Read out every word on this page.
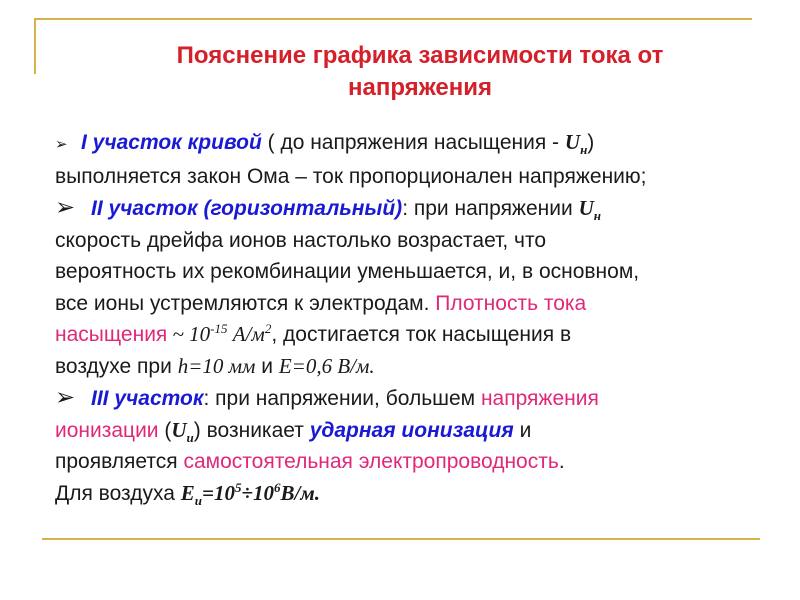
Пояснение графика зависимости тока от
напряжения
➢ I участок кривой ( до напряжения насыщения - $U_н$)
выполняется закон Ома – ток пропорционален напряжению;
➢ II участок (горизонтальный): при напряжении $U_н$
скорость дрейфа ионов настолько возрастает, что
вероятность их рекомбинации уменьшается, и, в основном,
все ионы устремляются к электродам. Плотность тока
насыщения ~ $10^{-15}$ $А/м^2$, достигается ток насыщения в
воздухе при h=10 мм и E=0,6 В/м.
➢ III участок: при напряжении, большем напряжения
ионизации $(U_и)$ возникает ударная ионизация и
проявляется самостоятельная электропроводность.
Для воздуха $E_и=10^5\div 10^6В/м$.
